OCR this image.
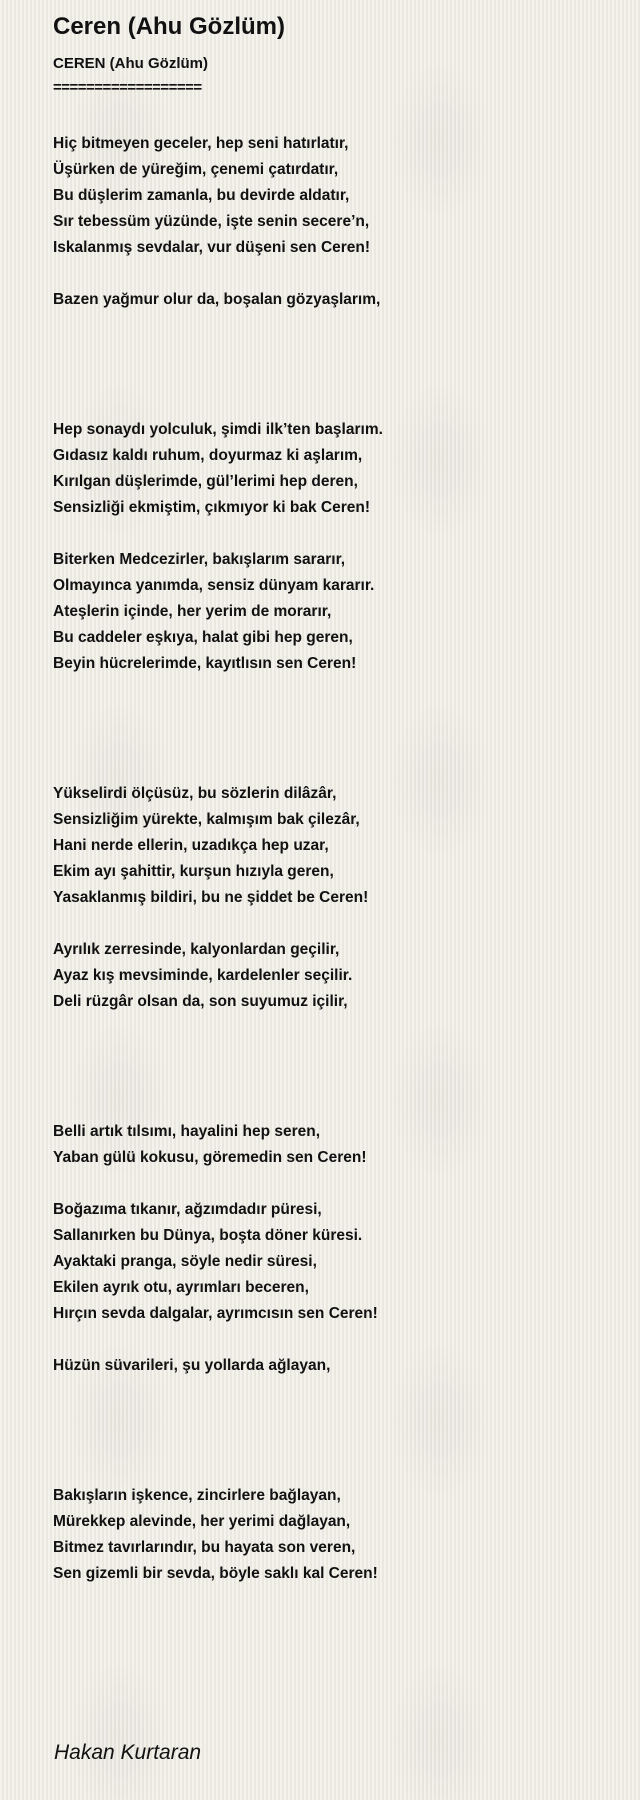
Ceren (Ahu Gözlüm)
CEREN (Ahu Gözlüm)
==================
Hiç bitmeyen geceler, hep seni hatırlatır,
Üşürken de yüreğim, çenemi çatırdatır,
Bu düşlerim zamanla, bu devirde aldatır,
Sır tebessüm yüzünde, işte senin secere’n,
Iskalanmış sevdalar, vur düşeni sen Ceren!
Bazen yağmur olur da, boşalan gözyaşlarım,
Hep sonaydı yolculuk, şimdi ilk’ten başlarım.
Gıdasız kaldı ruhum, doyurmaz ki aşlarım,
Kırılgan düşlerimde, gül’lerimi hep deren,
Sensizliği ekmiştim, çıkmıyor ki bak Ceren!
Biterken Medcezirler, bakışlarım sararır,
Olmayınca yanımda, sensiz dünyam kararır.
Ateşlerin içinde, her yerim de morarır,
Bu caddeler eşkıya, halat gibi hep geren,
Beyin hücrelerimde, kayıtlısın sen Ceren!
Yükselirdi ölçüsüz, bu sözlerin dilâzâr,
Sensizliğim yürekte, kalmışım bak çilezâr,
Hani nerde ellerin, uzadıkça hep uzar,
Ekim ayı şahittir, kurşun hızıyla geren,
Yasaklanmış bildiri, bu ne şiddet be Ceren!
Ayrılık zerresinde, kalyonlardan geçilir,
Ayaz kış mevsiminde, kardelenler seçilir.
Deli rüzgâr olsan da, son suyumuz içilir,
Belli artık tılsımı, hayalini hep seren,
Yaban gülü kokusu, göremedin sen Ceren!
Boğazıma tıkanır, ağzımdadır püresi,
Sallanırken bu Dünya, boşta döner küresi.
Ayaktaki pranga, söyle nedir süresi,
Ekilen ayrık otu, ayrımları beceren,
Hırçın sevda dalgalar, ayrımcısın sen Ceren!
Hüzün süvarileri, şu yollarda ağlayan,
Bakışların işkence, zincirlere bağlayan,
Mürekkep alevinde, her yerimi dağlayan,
Bitmez tavırlarındır, bu hayata son veren,
Sen gizemli bir sevda, böyle saklı kal Ceren!
Hakan Kurtaran
